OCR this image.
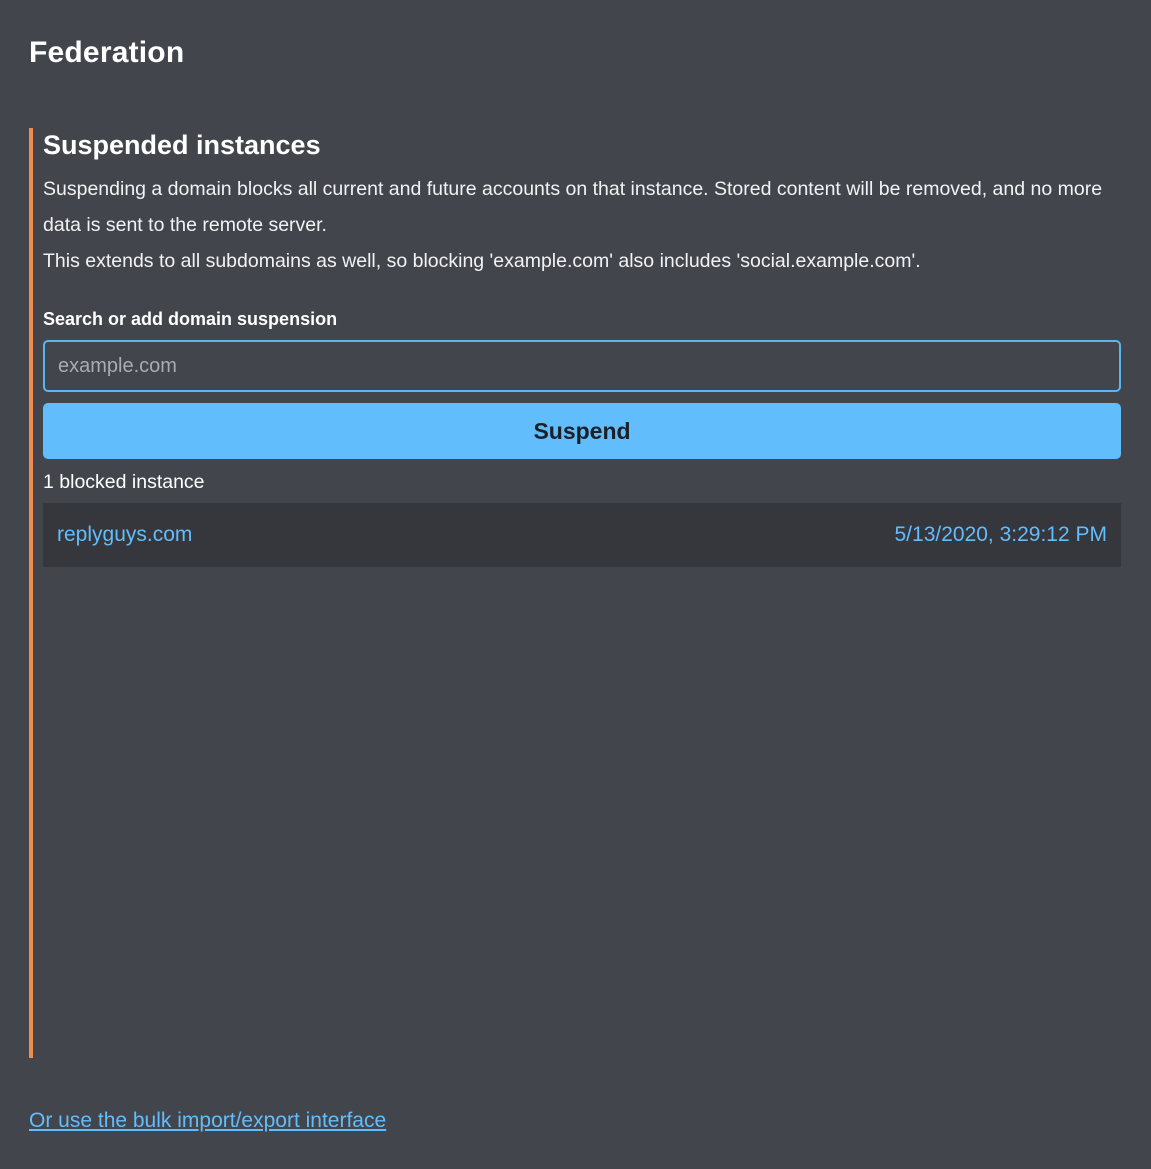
Federation
Suspended instances

Suspending a domain blocks all current and future accounts on that instance. Stored content will be removed, and no more data is sent to the remote server.

This extends to all subdomains as well, so blocking 'example.com' also includes 'social.example.com'.

Search or add domain suspension
example.com
Suspend
1 blocked instance
replyguys.com	5/13/2020, 3:29:12 PM
Or use the bulk import/export interface
